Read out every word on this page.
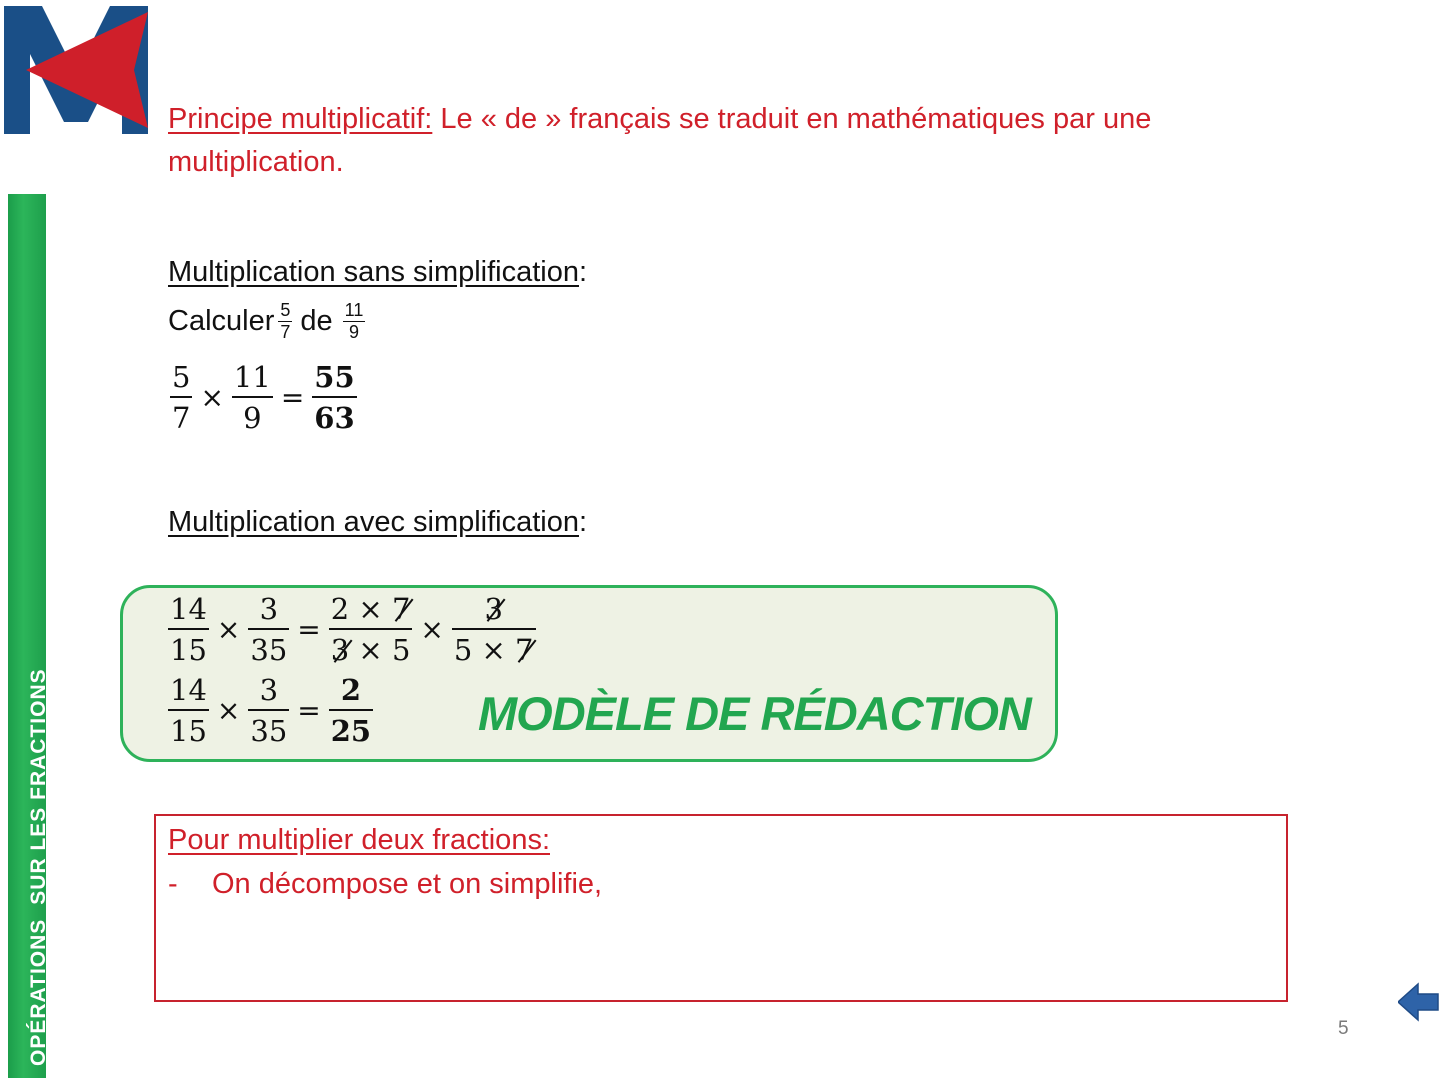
OPÉRATIONSSUR LES FRACTIONS
Principe multiplicatif: Le « de » français se traduit en mathématiques par une multiplication.
Multiplication sans simplification:
Calculer $\frac{5}{7}$ de $\frac{11}{9}$
$\frac{5}{7} \times \frac{11}{9} = \frac{55}{63}$
Multiplication avec simplification:
$\frac{14}{15} \times \frac{3}{35} = \frac{2 \times 7}{3 \times 5} \times \frac{3}{5 \times 7}$
$\frac{14}{15} \times \frac{3}{35} = \frac{2}{25}$ MODÈLE DE RÉDACTION
Pour multiplier deux fractions:
- On décompose et on simplifie,
5
